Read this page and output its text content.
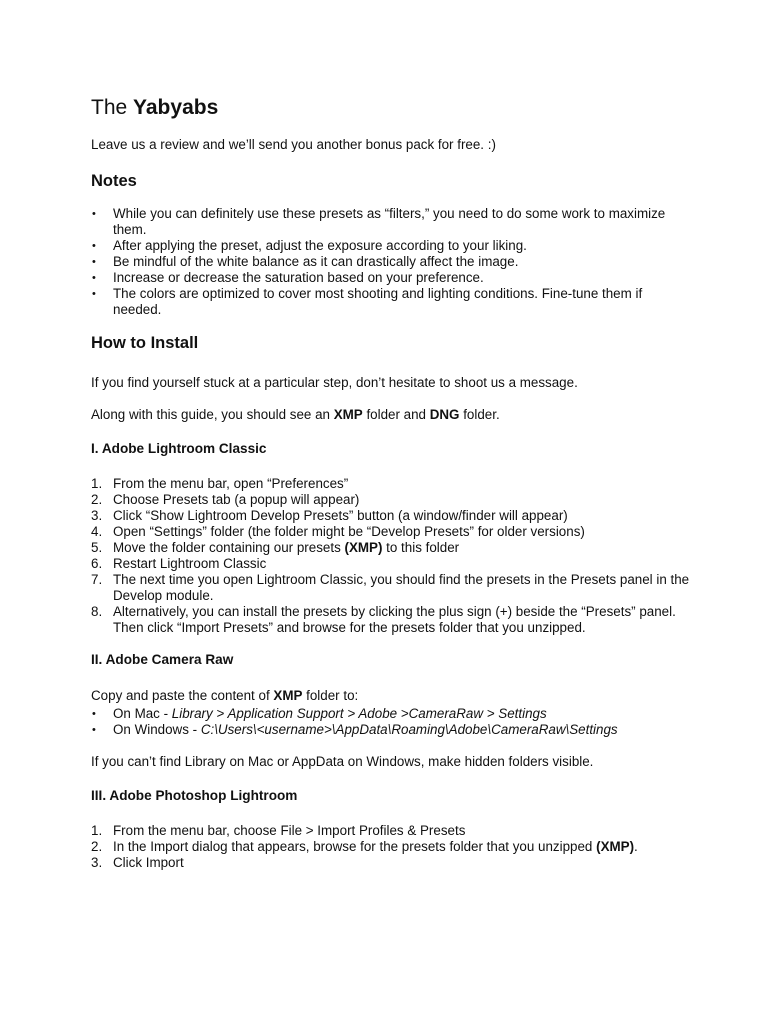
The Yabyabs

Leave us a review and we’ll send you another bonus pack for free. :)

Notes
•	While you can definitely use these presets as “filters,” you need to do some work to maximize them.
•	After applying the preset, adjust the exposure according to your liking.
•	Be mindful of the white balance as it can drastically affect the image.
•	Increase or decrease the saturation based on your preference.
•	The colors are optimized to cover most shooting and lighting conditions. Fine-tune them if needed.
How to Install

If you find yourself stuck at a particular step, don’t hesitate to shoot us a message.

Along with this guide, you should see an XMP folder and DNG folder.

I. Adobe Lightroom Classic
1. From the menu bar, open “Preferences”
2. Choose Presets tab (a popup will appear)
3. Click “Show Lightroom Develop Presets” button (a window/finder will appear)
4. Open “Settings” folder (the folder might be “Develop Presets” for older versions)
5. Move the folder containing our presets (XMP) to this folder
6. Restart Lightroom Classic
7. The next time you open Lightroom Classic, you should find the presets in the Presets panel in the Develop module.
8. Alternatively, you can install the presets by clicking the plus sign (+) beside the “Presets” panel. Then click “Import Presets” and browse for the presets folder that you unzipped.
II. Adobe Camera Raw

Copy and paste the content of XMP folder to:

•	On Mac - Library > Application Support > Adobe >CameraRaw > Settings
•	On Windows - C:\Users\<username>\AppData\Roaming\Adobe\CameraRaw\Settings

If you can’t find Library on Mac or AppData on Windows, make hidden folders visible.

III. Adobe Photoshop Lightroom
1. From the menu bar, choose File > Import Profiles & Presets
2. In the Import dialog that appears, browse for the presets folder that you unzipped (XMP).
3. Click Import
